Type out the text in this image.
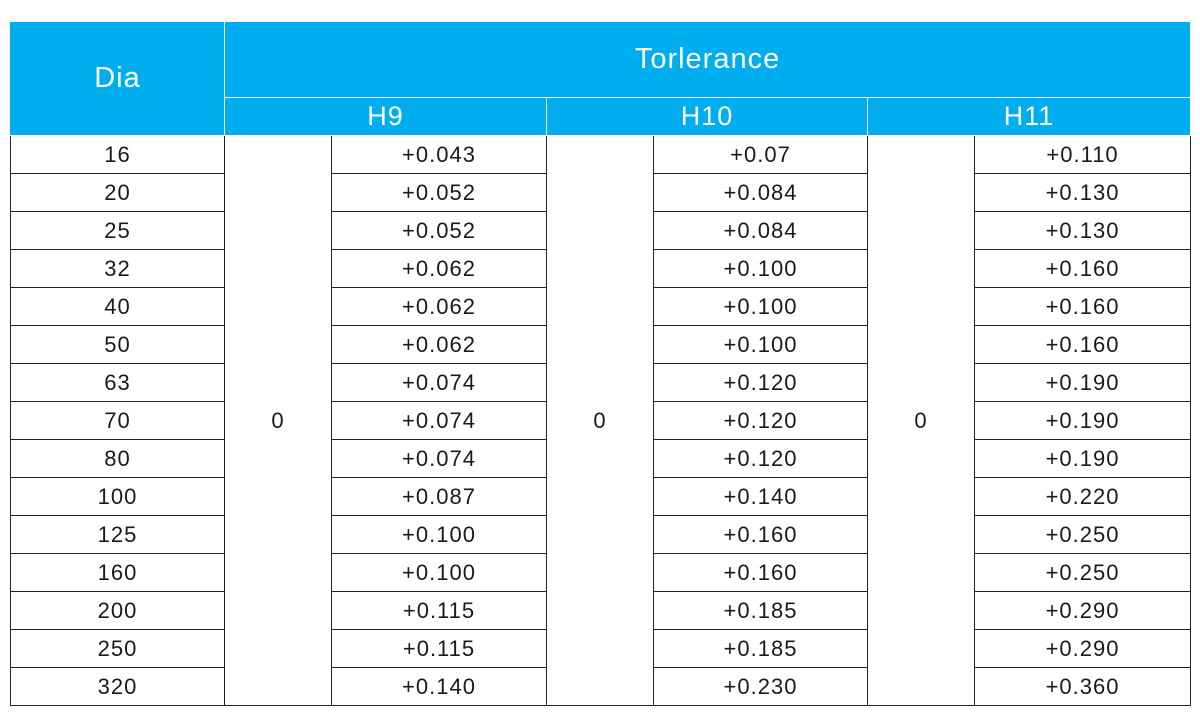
Dia	Torlerance					
	H9		H10		H11	
16	0	+0.043	0	+0.07	0	+0.110
20		+0.052		+0.084		+0.130
25		+0.052		+0.084		+0.130
32		+0.062		+0.100		+0.160
40		+0.062		+0.100		+0.160
50		+0.062		+0.100		+0.160
63		+0.074		+0.120		+0.190
70		+0.074		+0.120		+0.190
80		+0.074		+0.120		+0.190
100		+0.087		+0.140		+0.220
125		+0.100		+0.160		+0.250
160		+0.100		+0.160		+0.250
200		+0.115		+0.185		+0.290
250		+0.115		+0.185		+0.290
320		+0.140		+0.230		+0.360
